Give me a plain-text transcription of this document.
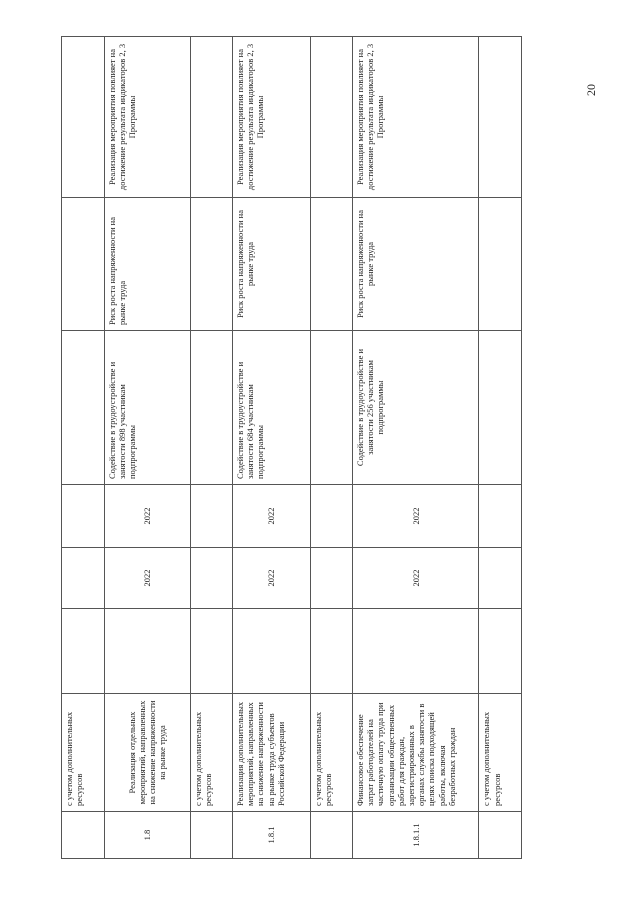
20
	с учетом дополнительных ресурсов						
1.8	Реализация отдельных мероприятий, направленных на снижение напряженности на рынке труда		2022	2022	Содействие в трудоустройстве и занятости 898 участникам подпрограммы	Риск роста напряженности на рынке труда	Реализация мероприятия повлияет на достижение результата индикаторов 2, 3 Программы
	с учетом дополнительных ресурсов						
1.8.1	Реализация дополнительных мероприятий, направленных на снижение напряженности на рынке труда субъектов Российской Федерации		2022	2022	Содействие в трудоустройстве и занятости 684 участникам подпрограммы	Риск роста напряженности на рынке труда	Реализация мероприятия повлияет на достижение результата индикаторов 2, 3 Программы
	с учетом дополнительных ресурсов						
1.8.1.1	Финансовое обеспечение затрат работодателей на частичную оплату труда при организации общественных работ для граждан, зарегистрированных в органах службы занятости в целях поиска подходящей работы, включая безработных граждан		2022	2022	Содействие в трудоустройстве и занятости 256 участникам подпрограммы	Риск роста напряженности на рынке труда	Реализация мероприятия повлияет на достижение результата индикаторов 2, 3 Программы
	с учетом дополнительных ресурсов						
